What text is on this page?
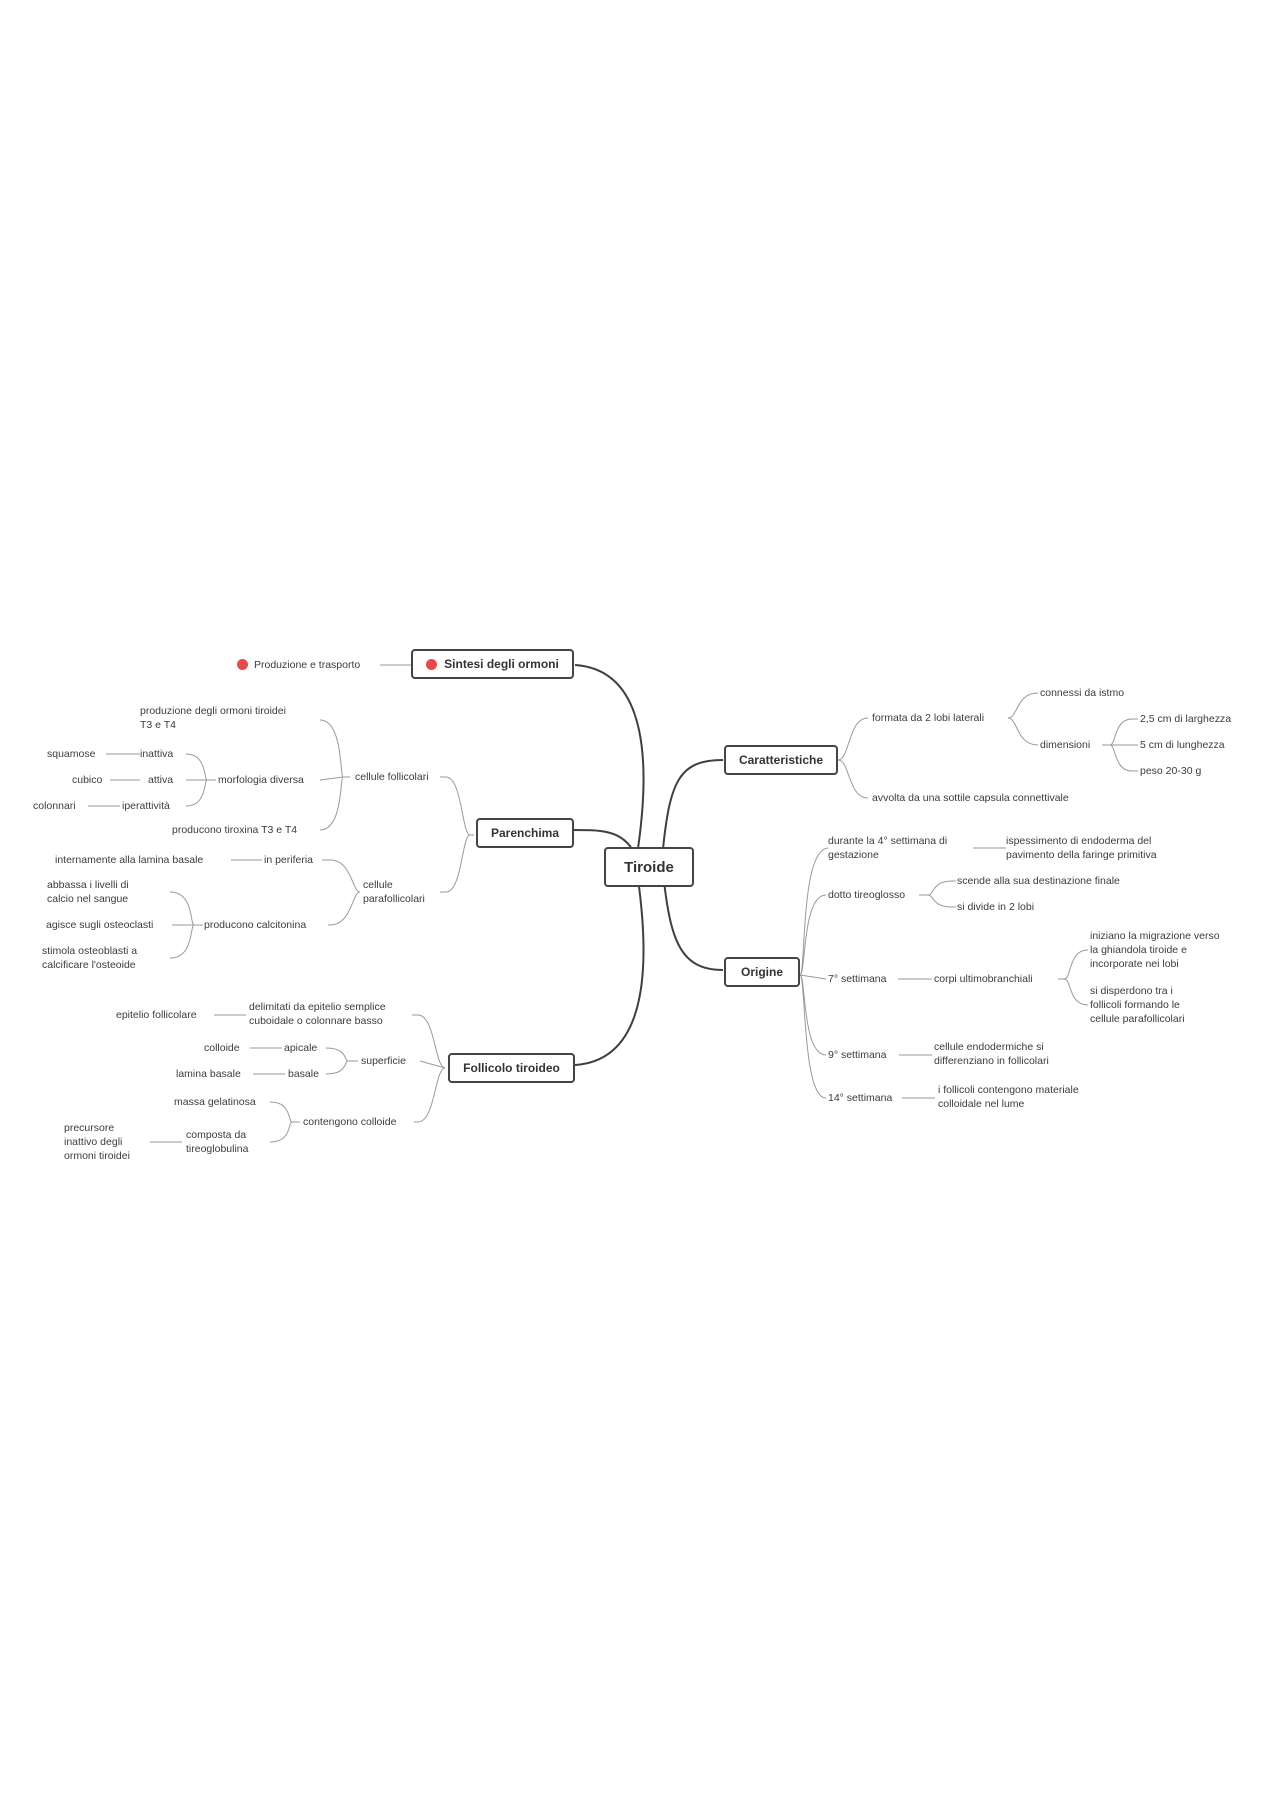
Tiroide
Sintesi degli ormoni
Parenchima
Follicolo tiroideo
Caratteristiche
Origine
Produzione e trasporto
cellule follicolari
produzione degli ormoni tiroidei
T3 e T4
morfologia diversa
inattiva
attiva
iperattività
squamose
cubico
colonnari
producono tiroxina T3 e T4
cellule
parafollicolari
in periferia
internamente alla lamina basale
producono calcitonina
abbassa i livelli di
calcio nel sangue
agisce sugli osteoclasti
stimola osteoblasti a
calcificare l'osteoide
delimitati da epitelio semplice
cuboidale o colonnare basso
epitelio follicolare
superficie
apicale
colloide
basale
lamina basale
contengono colloide
massa gelatinosa
composta da
tireoglobulina
precursore
inattivo degli
ormoni tiroidei
formata da 2 lobi laterali
connessi da istmo
dimensioni
2,5 cm di larghezza
5 cm di lunghezza
peso 20-30 g
avvolta da una sottile capsula connettivale
durante la 4° settimana di
gestazione
ispessimento di endoderma del
pavimento della faringe primitiva
dotto tireoglosso
scende alla sua destinazione finale
si divide in 2 lobi
7° settimana	corpi ultimobranchiali
iniziano la migrazione verso
la ghiandola tiroide e
incorporate nei lobi
si disperdono tra i
follicoli formando le
cellule parafollicolari
9° settimana
cellule endodermiche si
differenziano in follicolari
14° settimana
i follicoli contengono materiale
colloidale nel lume
